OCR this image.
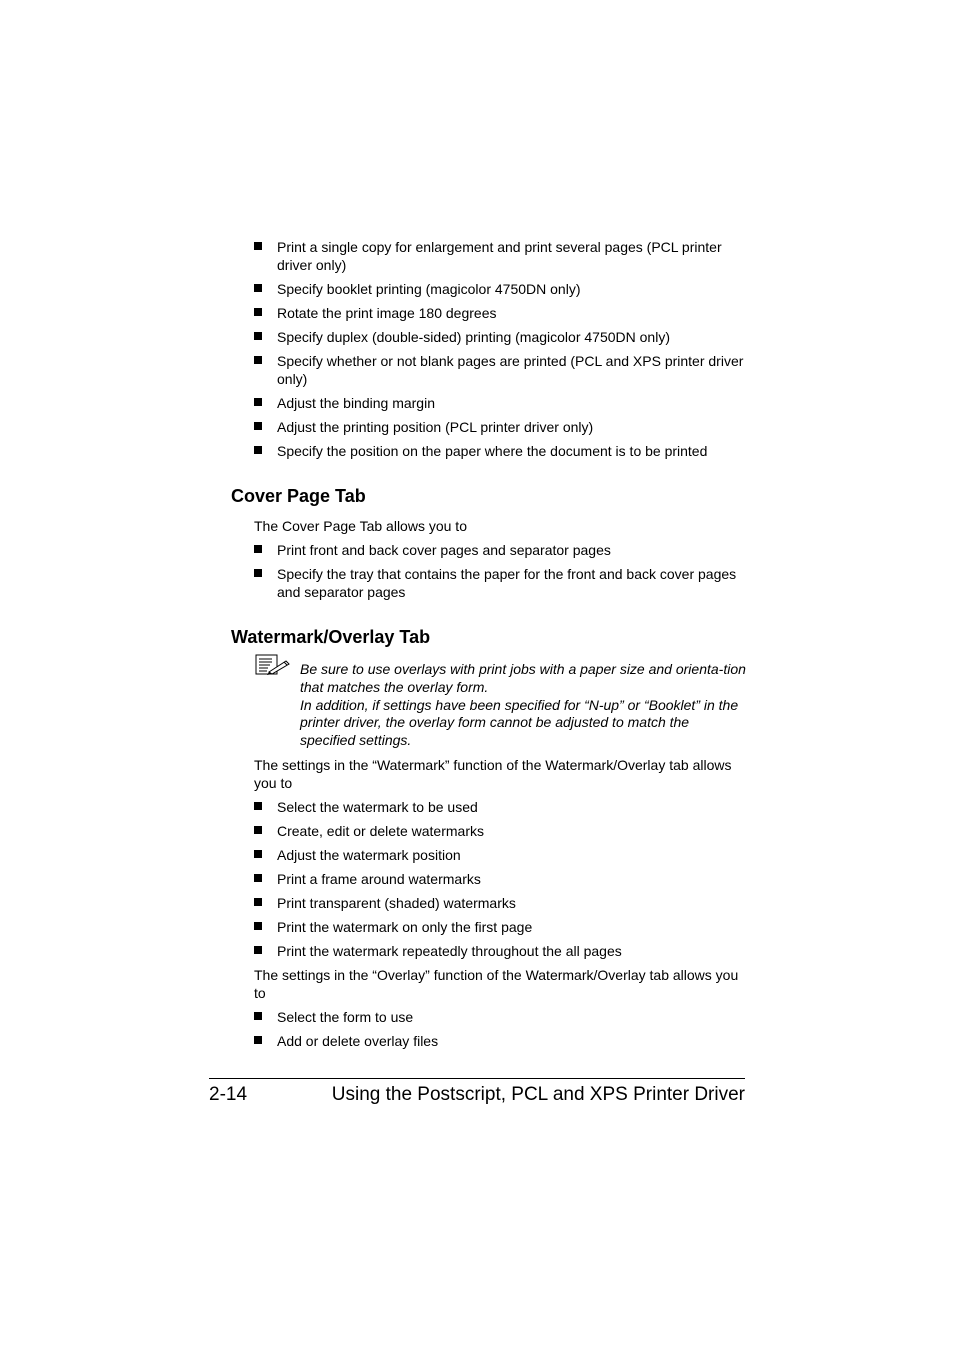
Print a single copy for enlargement and print several pages (PCL printer driver only)
Specify booklet printing (magicolor 4750DN only)
Rotate the print image 180 degrees
Specify duplex (double-sided) printing (magicolor 4750DN only)
Specify whether or not blank pages are printed (PCL and XPS printer driver only)
Adjust the binding margin
Adjust the printing position (PCL printer driver only)
Specify the position on the paper where the document is to be printed
Cover Page Tab

The Cover Page Tab allows you to

Print front and back cover pages and separator pages
Specify the tray that contains the paper for the front and back cover pages and separator pages
Watermark/Overlay Tab
Be sure to use overlays with print jobs with a paper size and orienta-tion that matches the overlay form.
In addition, if settings have been specified for “N-up” or “Booklet” in the printer driver, the overlay form cannot be adjusted to match the specified settings.

The settings in the “Watermark” function of the Watermark/Overlay tab allows you to

Select the watermark to be used
Create, edit or delete watermarks
Adjust the watermark position
Print a frame around watermarks
Print transparent (shaded) watermarks
Print the watermark on only the first page
Print the watermark repeatedly throughout the all pages

The settings in the “Overlay” function of the Watermark/Overlay tab allows you to

Select the form to use
Add or delete overlay files
2-14	Using the Postscript, PCL and XPS Printer Driver
